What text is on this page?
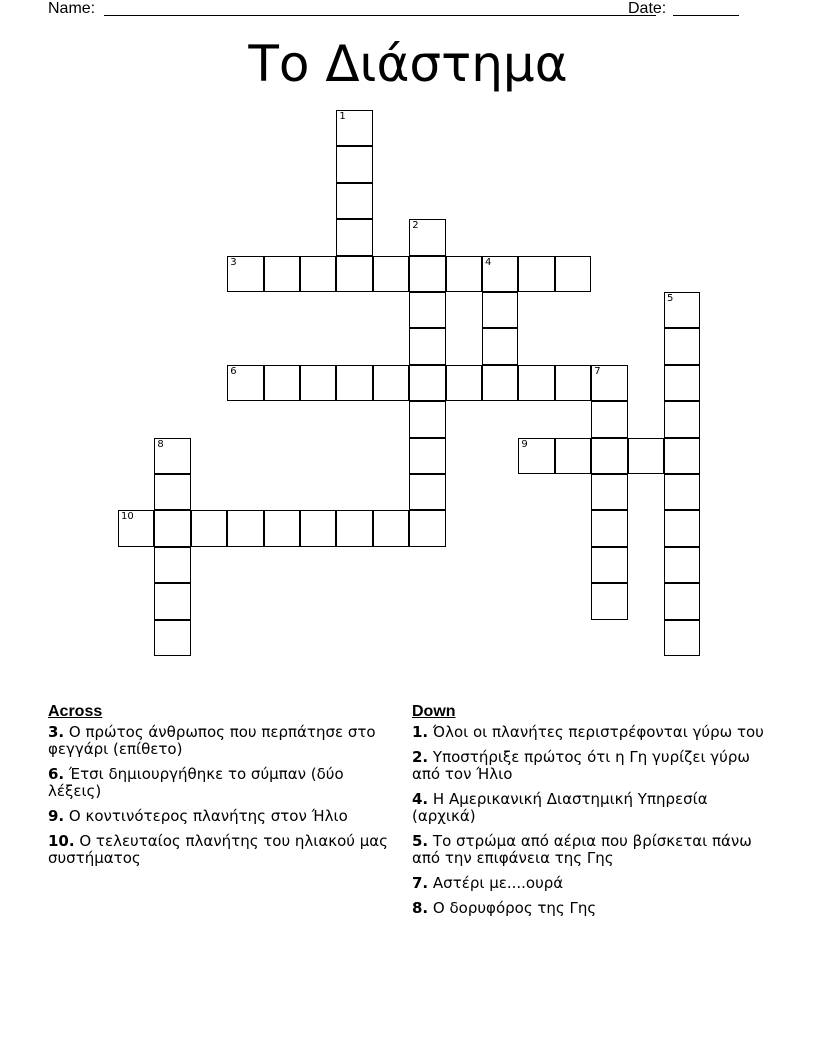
Name:	Date:
Το Διάστημα
1
2
3	4
5
6	7
8	9
10
Across
3. Ο πρώτος άνθρωπος που περπάτησε στο φεγγάρι (επίθετο)
6. Έτσι δημιουργήθηκε το σύμπαν (δύο λέξεις)
9. Ο κοντινότερος πλανήτης στον Ήλιο
10. Ο τελευταίος πλανήτης του ηλιακού μας συστήματος
Down
1. Όλοι οι πλανήτες περιστρέφονται γύρω του
2. Υποστήριξε πρώτος ότι η Γη γυρίζει γύρω από τον Ήλιο
4. Η Αμερικανική Διαστημική Υπηρεσία (αρχικά)
5. Το στρώμα από αέρια που βρίσκεται πάνω από την επιφάνεια της Γης
7. Αστέρι με....ουρά
8. Ο δορυφόρος της Γης
